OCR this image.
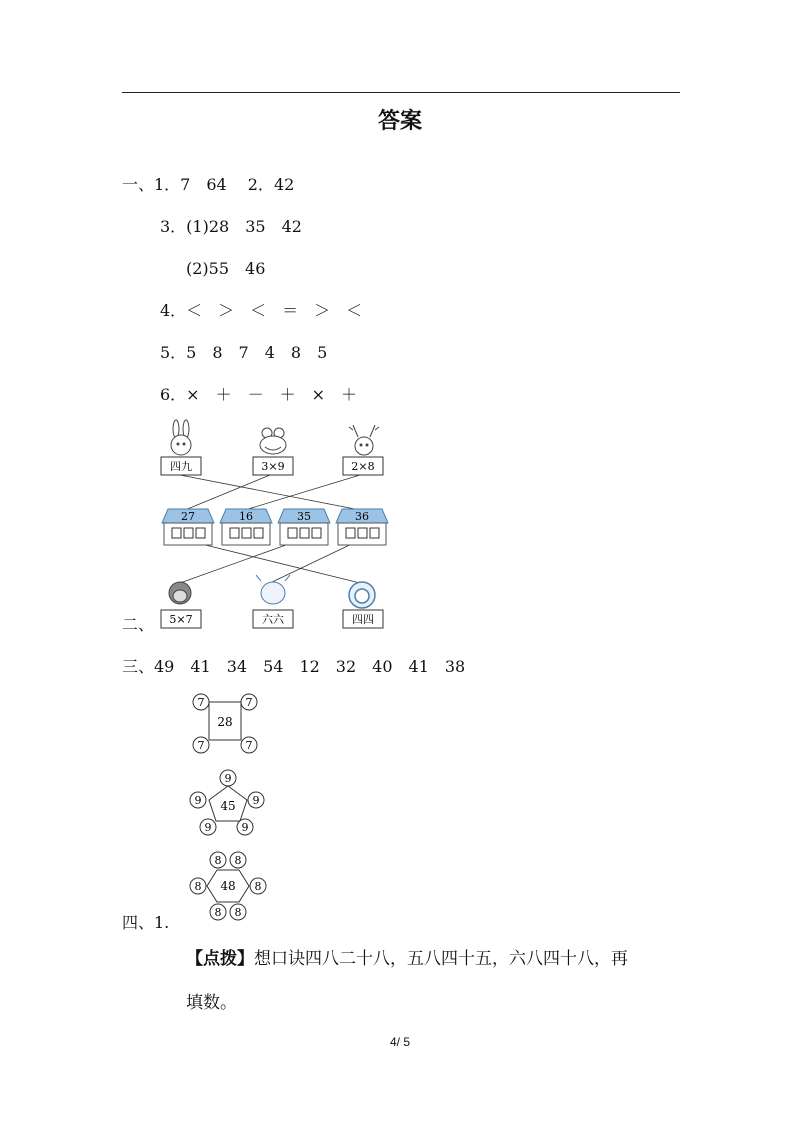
答案
一、1．7　64　 2．42
3．(1)28　35　42
(2)55　46
4．＜　＞　＜　＝　＞　＜
5．5　8　7　4　8　5
6．×　＋　－　＋　×　＋
四九	3×9	2×8
27	16	35	36
5×7	六六	四四
二、
三、49　41　34　54　12　32　40　41　38
28
7	7
7	7
45
9
9	9
9	9
48
8 8
8	8
8 8
四、1.
【点拨】想口诀四八二十八，五八四十五，六八四十八，再
填数。
4/ 5
